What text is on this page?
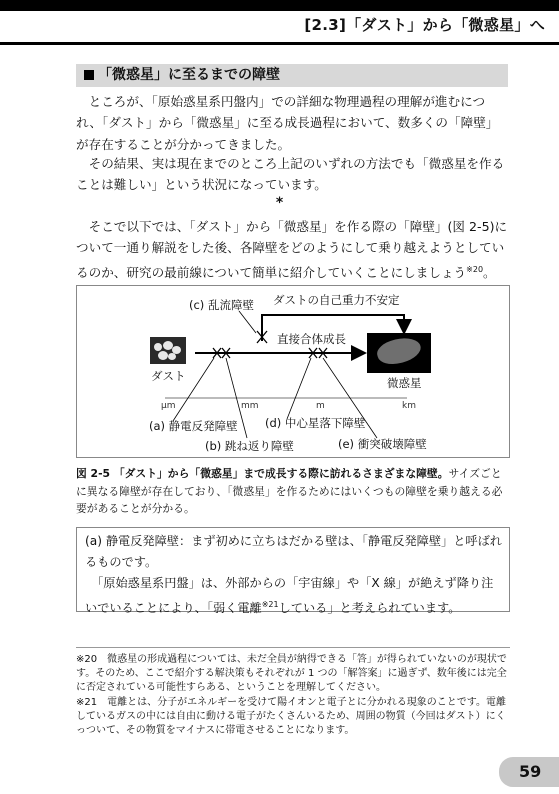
[2.3]「ダスト」から「微惑星」へ
「微惑星」に至るまでの障壁

　ところが、「原始惑星系円盤内」での詳細な物理過程の理解が進むにつれ、「ダスト」から「微惑星」に至る成長過程において、数多くの「障壁」が存在することが分かってきました。

　その結果、実は現在までのところ上記のいずれの方法でも「微惑星を作ることは難しい」という状況になっています。

*

　そこで以下では、「ダスト」から「微惑星」を作る際の「障壁」(図 2-5)について一通り解説をした後、各障壁をどのようにして乗り越えようとしているのか、研究の最前線について簡単に紹介していくことにしましょう$^{※20}$。

(c) 乱流障壁 ダストの自己重力不安定
直接合体成長
ダスト	微惑星
μm	mm	m	km
(a) 静電反発障壁
(b) 跳ね返り障壁
(d) 中心星落下障壁
(e) 衝突破壊障壁

図 2-5 「ダスト」から「微惑星」まで成長する際に訪れるさまざまな障壁。サイズごとに異なる障壁が存在しており、「微惑星」を作るためにはいくつもの障壁を乗り越える必要があることが分かる。

(a) 静電反発障壁：まず初めに立ちはだかる壁は、「静電反発障壁」と呼ばれるものです。

　「原始惑星系円盤」は、外部からの「宇宙線」や「X 線」が絶えず降り注いでいることにより、「弱く電離$^{※21}$している」と考えられています。

※20　微惑星の形成過程については、未だ全員が納得できる「答」が得られていないのが現状です。そのため、ここで紹介する解決策もそれぞれが 1 つの「解答案」に過ぎず、数年後には完全に否定されている可能性すらある、ということを理解してください。

※21　電離とは、分子がエネルギーを受けて陽イオンと電子とに分かれる現象のことです。電離しているガスの中には自由に動ける電子がたくさんいるため、周囲の物質（今回はダスト）にくっついて、その物質をマイナスに帯電させることになります。

59
